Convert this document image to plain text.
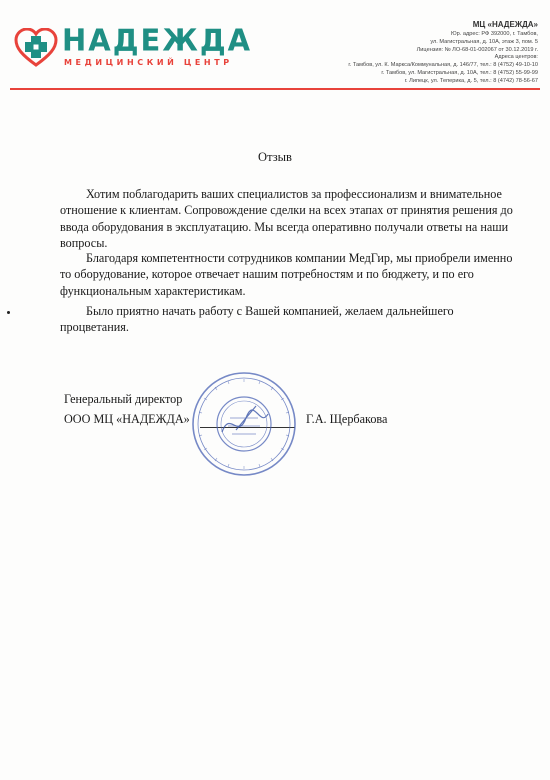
НАДЕЖДА
МЕДИЦИНСКИЙ ЦЕНТР
МЦ «НАДЕЖДА»
Юр. адрес: РФ 392000, г. Тамбов,
ул. Магистральная, д. 10А, этаж 3, пом. 5
Лицензия: № ЛО-68-01-002067 от 30.12.2019 г.
Адреса центров:
г. Тамбов, ул. К. Маркса/Коммунальная, д. 146/77, тел.: 8 (4752) 49-10-10
г. Тамбов, ул. Магистральная, д. 10А, тел.: 8 (4752) 55-99-99
г. Липецк, ул. Теперика, д. 5, тел.: 8 (4742) 78-56-67
Отзыв

Хотим поблагодарить ваших специалистов за профессионализм и внимательное отношение к клиентам. Сопровождение сделки на всех этапах от принятия решения до ввода оборудования в эксплуатацию. Мы всегда оперативно получали ответы на наши вопросы.

Благодаря компетентности сотрудников компании МедГир, мы приобрели именно то оборудование, которое отвечает нашим потребностям и по бюджету, и по его функциональным характеристикам.

Было приятно начать работу с Вашей компанией, желаем дальнейшего процветания.

Генеральный директор
ООО МЦ «НАДЕЖДА»	Г.А. Щербакова
